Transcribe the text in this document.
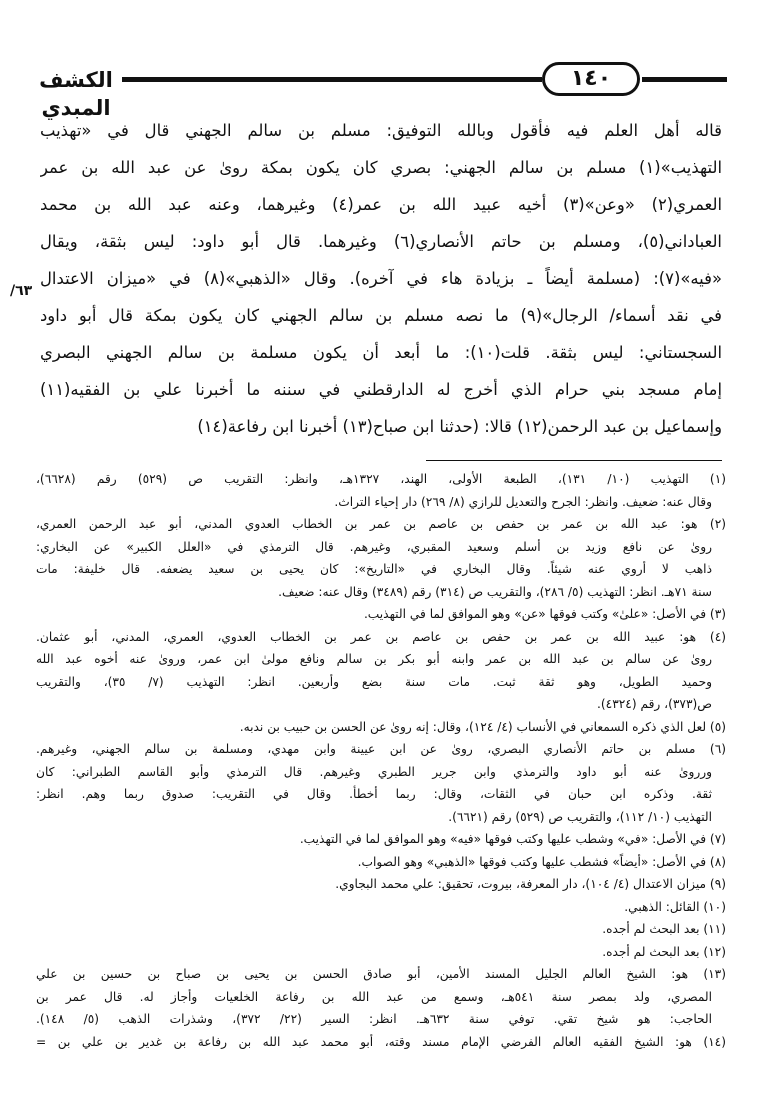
الكشف المبدي
١٤٠
قاله أهل العلم فيه فأقول وبالله التوفيق: مسلم بن سالم الجهني قال في «تهذيب
التهذيب»(١) مسلم بن سالم الجهني: بصري كان يكون بمكة روىٰ عن عبد الله بن عمر
العمري(٢) «وعن»(٣) أخيه عبيد الله بن عمر(٤) وغيرهما، وعنه عبد الله بن محمد
العباداني(٥)، ومسلم بن حاتم الأنصاري(٦) وغيرهما. قال أبو داود: ليس بثقة، ويقال
«فيه»(٧): (مسلمة أيضاً ـ بزيادة هاء في آخره). وقال «الذهبي»(٨) في «ميزان الاعتدال
في نقد أسماء/ الرجال»(٩) ما نصه مسلم بن سالم الجهني كان يكون بمكة قال أبو داود
السجستاني: ليس بثقة. قلت(١٠): ما أبعد أن يكون مسلمة بن سالم الجهني البصري
إمام مسجد بني حرام الذي أخرج له الدارقطني في سننه ما أخبرنا علي بن الفقيه(١١)
وإسماعيل بن عبد الرحمن(١٢) قالا: (حدثنا ابن صباح(١٣) أخبرنا ابن رفاعة(١٤)
٦٣/
(١) التهذيب (١٠/ ١٣١)، الطبعة الأولى، الهند، ١٣٢٧هـ، وانظر: التقريب ص (٥٢٩) رقم (٦٦٢٨)،
وقال عنه: ضعيف. وانظر: الجرح والتعديل للرازي (٨/ ٢٦٩) دار إحياء التراث.
(٢) هو: عبد الله بن عمر بن حفص بن عاصم بن عمر بن الخطاب العدوي المدني، أبو عبد الرحمن العمري،
روىٰ عن نافع وزيد بن أسلم وسعيد المقبري، وغيرهم. قال الترمذي في «العلل الكبير» عن البخاري:
ذاهب لا أروي عنه شيئاً. وقال البخاري في «التاريخ»: كان يحيى بن سعيد يضعفه. قال خليفة: مات
سنة ٧١هـ. انظر: التهذيب (٥/ ٢٨٦)، والتقريب ص (٣١٤) رقم (٣٤٨٩) وقال عنه: ضعيف.
(٣) في الأصل: «علىٰ» وكتب فوقها «عن» وهو الموافق لما في التهذيب.
(٤) هو: عبيد الله بن عمر بن حفص بن عاصم بن عمر بن الخطاب العدوي، العمري، المدني، أبو عثمان.
روىٰ عن سالم بن عبد الله بن عمر وابنه أبو بكر بن سالم ونافع مولىٰ ابن عمر، وروىٰ عنه أخوه عبد الله
وحميد الطويل، وهو ثقة ثبت. مات سنة بضع وأربعين. انظر: التهذيب (٧/ ٣٥)، والتقريب
ص(٣٧٣)، رقم (٤٣٢٤).
(٥) لعل الذي ذكره السمعاني في الأنساب (٤/ ١٢٤)، وقال: إنه روىٰ عن الحسن بن حبيب بن ندبه.
(٦) مسلم بن حاتم الأنصاري البصري، روىٰ عن ابن عيينة وابن مهدي، ومسلمة بن سالم الجهني، وغيرهم.
ورروىٰ عنه أبو داود والترمذي وابن جرير الطبري وغيرهم. قال الترمذي وأبو القاسم الطبراني: كان
ثقة. وذكره ابن حبان في الثقات، وقال: ربما أخطأ. وقال في التقريب: صدوق ربما وهم. انظر:
التهذيب (١٠/ ١١٢)، والتقريب ص (٥٢٩) رقم (٦٦٢١).
(٧) في الأصل: «في» وشطب عليها وكتب فوقها «فيه» وهو الموافق لما في التهذيب.
(٨) في الأصل: «أيضاً» فشطب عليها وكتب فوقها «الذهبي» وهو الصواب.
(٩) ميزان الاعتدال (٤/ ١٠٤)، دار المعرفة، بيروت، تحقيق: علي محمد البجاوي.
(١٠) القائل: الذهبي.
(١١) بعد البحث لم أجده.
(١٢) بعد البحث لم أجده.
(١٣) هو: الشيخ العالم الجليل المسند الأمين، أبو صادق الحسن بن يحيى بن صباح بن حسين بن علي
المصري، ولد بمصر سنة ٥٤١هـ، وسمع من عبد الله بن رفاعة الخلعيات وأجاز له. قال عمر بن
الحاجب: هو شيخ تقي. توفي سنة ٦٣٢هـ. انظر: السير (٢٢/ ٣٧٢)، وشذرات الذهب (٥/ ١٤٨).
(١٤) هو: الشيخ الفقيه العالم الفرضي الإمام مسند وقته، أبو محمد عبد الله بن رفاعة بن غدير بن علي بن =
